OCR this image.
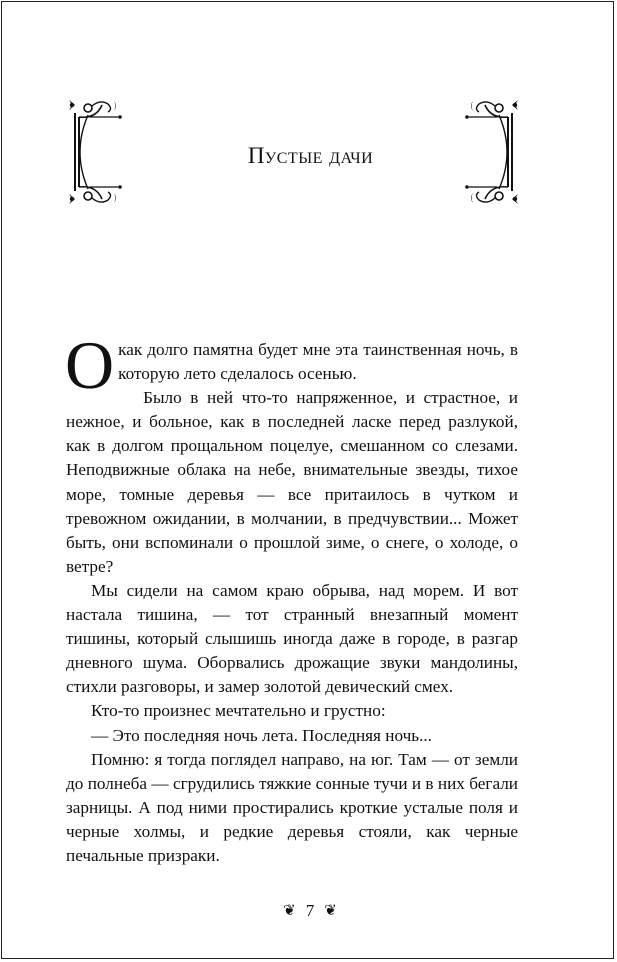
Пустые дачи

О как долго памятна будет мне эта таинственная ночь, в которую лето сделалось осенью.

Было в ней что-то напряженное, и страстное, и нежное, и больное, как в последней ласке перед разлукой, как в долгом прощальном поцелуе, смешанном со слезами. Неподвижные облака на небе, внимательные звезды, тихое море, томные деревья — все притаилось в чутком и тревожном ожидании, в молчании, в предчувствии... Может быть, они вспоминали о прошлой зиме, о снеге, о холоде, о ветре?

Мы сидели на самом краю обрыва, над морем. И вот настала тишина, — тот странный внезапный момент тишины, который слышишь иногда даже в городе, в разгар дневного шума. Оборвались дрожащие звуки мандолины, стихли разговоры, и замер золотой девический смех.

Кто-то произнес мечтательно и грустно:

— Это последняя ночь лета. Последняя ночь...

Помню: я тогда поглядел направо, на юг. Там — от земли до полнеба — сгрудились тяжкие сонные тучи и в них бегали зарницы. А под ними простирались кроткие усталые поля и черные холмы, и редкие деревья стояли, как черные печальные призраки.

❦ 7 ❦
